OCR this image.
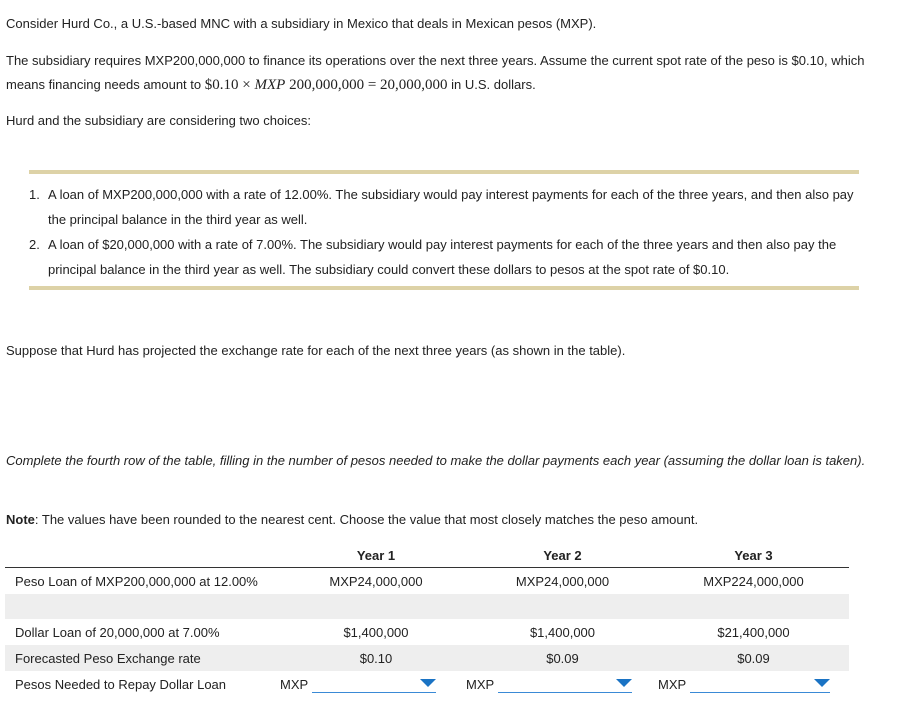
Consider Hurd Co., a U.S.-based MNC with a subsidiary in Mexico that deals in Mexican pesos (MXP).

The subsidiary requires MXP200,000,000 to finance its operations over the next three years. Assume the current spot rate of the peso is $0.10, which

means financing needs amount to $0.10 × MXP 200,000,000 = 20,000,000 in U.S. dollars.

Hurd and the subsidiary are considering two choices:

1. A loan of MXP200,000,000 with a rate of 12.00%. The subsidiary would pay interest payments for each of the three years, and then also pay the principal balance in the third year as well.
2. A loan of $20,000,000 with a rate of 7.00%. The subsidiary would pay interest payments for each of the three years and then also pay the principal balance in the third year as well. The subsidiary could convert these dollars to pesos at the spot rate of $0.10.

Suppose that Hurd has projected the exchange rate for each of the next three years (as shown in the table).

Complete the fourth row of the table, filling in the number of pesos needed to make the dollar payments each year (assuming the dollar loan is taken).

Note: The values have been rounded to the nearest cent. Choose the value that most closely matches the peso amount.

	Year 1	Year 2	Year 3
Peso Loan of MXP200,000,000 at 12.00%	MXP24,000,000	MXP24,000,000	MXP224,000,000

Dollar Loan of 20,000,000 at 7.00%	$1,400,000	$1,400,000	$21,400,000
Forecasted Peso Exchange rate	$0.10	$0.09	$0.09
Pesos Needed to Repay Dollar Loan	MXP	MXP	MXP
